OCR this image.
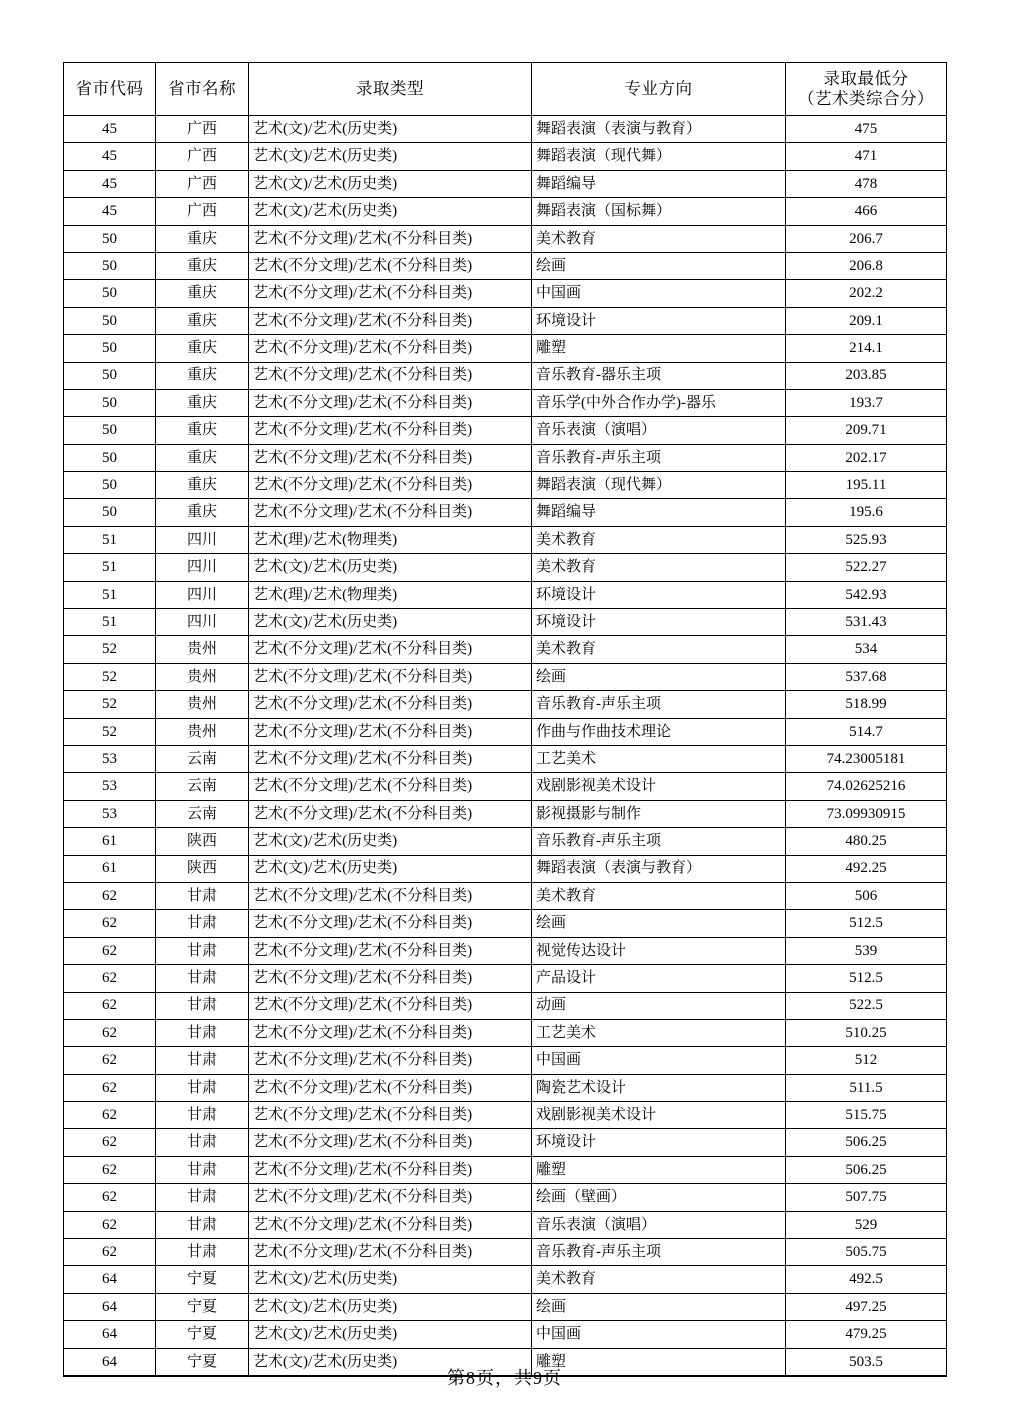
省市代码	省市名称	录取类型	专业方向	录取最低分
（艺术类综合分）

45	广西	艺术(文)/艺术(历史类)	舞蹈表演（表演与教育）	475
45	广西	艺术(文)/艺术(历史类)	舞蹈表演（现代舞）	471
45	广西	艺术(文)/艺术(历史类)	舞蹈编导	478
45	广西	艺术(文)/艺术(历史类)	舞蹈表演（国标舞）	466
50	重庆	艺术(不分文理)/艺术(不分科目类)	美术教育	206.7
50	重庆	艺术(不分文理)/艺术(不分科目类)	绘画	206.8
50	重庆	艺术(不分文理)/艺术(不分科目类)	中国画	202.2
50	重庆	艺术(不分文理)/艺术(不分科目类)	环境设计	209.1
50	重庆	艺术(不分文理)/艺术(不分科目类)	雕塑	214.1
50	重庆	艺术(不分文理)/艺术(不分科目类)	音乐教育-器乐主项	203.85
50	重庆	艺术(不分文理)/艺术(不分科目类)	音乐学(中外合作办学)-器乐	193.7
50	重庆	艺术(不分文理)/艺术(不分科目类)	音乐表演（演唱）	209.71
50	重庆	艺术(不分文理)/艺术(不分科目类)	音乐教育-声乐主项	202.17
50	重庆	艺术(不分文理)/艺术(不分科目类)	舞蹈表演（现代舞）	195.11
50	重庆	艺术(不分文理)/艺术(不分科目类)	舞蹈编导	195.6
51	四川	艺术(理)/艺术(物理类)	美术教育	525.93
51	四川	艺术(文)/艺术(历史类)	美术教育	522.27
51	四川	艺术(理)/艺术(物理类)	环境设计	542.93
51	四川	艺术(文)/艺术(历史类)	环境设计	531.43
52	贵州	艺术(不分文理)/艺术(不分科目类)	美术教育	534
52	贵州	艺术(不分文理)/艺术(不分科目类)	绘画	537.68
52	贵州	艺术(不分文理)/艺术(不分科目类)	音乐教育-声乐主项	518.99
52	贵州	艺术(不分文理)/艺术(不分科目类)	作曲与作曲技术理论	514.7
53	云南	艺术(不分文理)/艺术(不分科目类)	工艺美术	74.23005181
53	云南	艺术(不分文理)/艺术(不分科目类)	戏剧影视美术设计	74.02625216
53	云南	艺术(不分文理)/艺术(不分科目类)	影视摄影与制作	73.09930915
61	陕西	艺术(文)/艺术(历史类)	音乐教育-声乐主项	480.25
61	陕西	艺术(文)/艺术(历史类)	舞蹈表演（表演与教育）	492.25
62	甘肃	艺术(不分文理)/艺术(不分科目类)	美术教育	506
62	甘肃	艺术(不分文理)/艺术(不分科目类)	绘画	512.5
62	甘肃	艺术(不分文理)/艺术(不分科目类)	视觉传达设计	539
62	甘肃	艺术(不分文理)/艺术(不分科目类)	产品设计	512.5
62	甘肃	艺术(不分文理)/艺术(不分科目类)	动画	522.5
62	甘肃	艺术(不分文理)/艺术(不分科目类)	工艺美术	510.25
62	甘肃	艺术(不分文理)/艺术(不分科目类)	中国画	512
62	甘肃	艺术(不分文理)/艺术(不分科目类)	陶瓷艺术设计	511.5
62	甘肃	艺术(不分文理)/艺术(不分科目类)	戏剧影视美术设计	515.75
62	甘肃	艺术(不分文理)/艺术(不分科目类)	环境设计	506.25
62	甘肃	艺术(不分文理)/艺术(不分科目类)	雕塑	506.25
62	甘肃	艺术(不分文理)/艺术(不分科目类)	绘画（壁画）	507.75
62	甘肃	艺术(不分文理)/艺术(不分科目类)	音乐表演（演唱）	529
62	甘肃	艺术(不分文理)/艺术(不分科目类)	音乐教育-声乐主项	505.75
64	宁夏	艺术(文)/艺术(历史类)	美术教育	492.5
64	宁夏	艺术(文)/艺术(历史类)	绘画	497.25
64	宁夏	艺术(文)/艺术(历史类)	中国画	479.25
64	宁夏	艺术(文)/艺术(历史类)	雕塑	503.5
第8页，共9页
